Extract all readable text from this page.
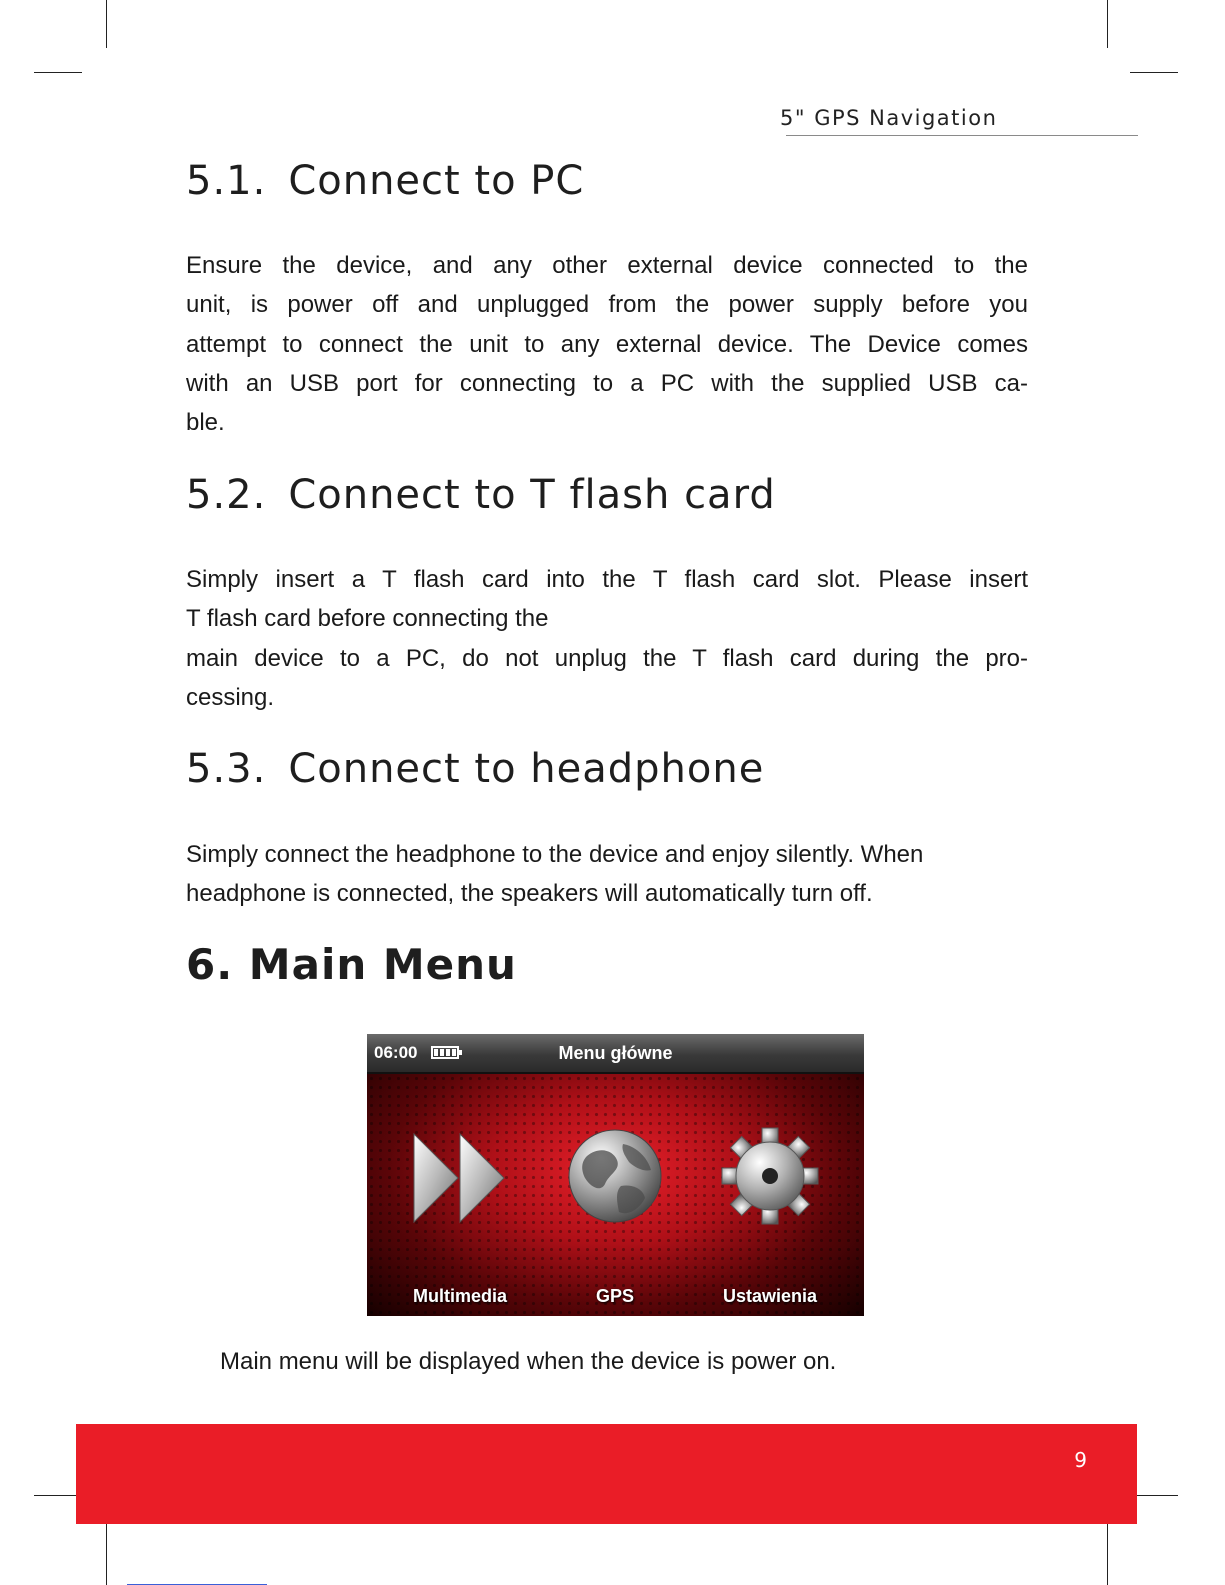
5" GPS Navigation
5.1. Connect to PC

Ensure the device, and any other external device connected to the
unit, is power off and unplugged from the power supply before you
attempt to connect the unit to any external device. The Device comes
with an USB port for connecting to a PC with the supplied USB ca-
ble.

5.2. Connect to T flash card

Simply insert a T flash card into the T flash card slot. Please insert
T flash card before connecting the
main device to a PC, do not unplug the T flash card during the pro-
cessing.

5.3. Connect to headphone

Simply connect the headphone to the device and enjoy silently. When
headphone is connected, the speakers will automatically turn off.

6. Main Menu
06:00	Menu główne
Multimedia	GPS	Ustawienia

Main menu will be displayed when the device is power on.

9
